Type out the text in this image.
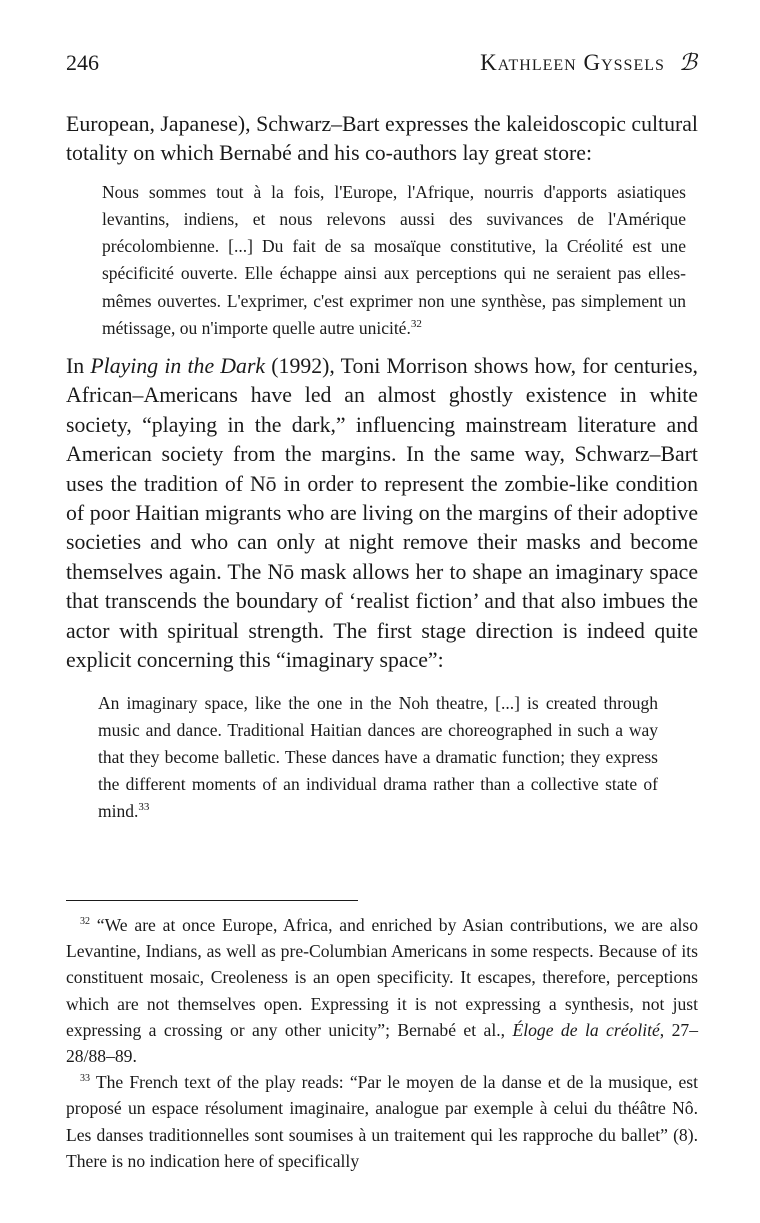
246	Kathleen Gyssels ℬ

European, Japanese), Schwarz–Bart expresses the kaleidoscopic cultural totality on which Bernabé and his co-authors lay great store:

Nous sommes tout à la fois, l'Europe, l'Afrique, nourris d'apports asiatiques levantins, indiens, et nous relevons aussi des suvivances de l'Amérique précolombienne. [...] Du fait de sa mosaïque constitutive, la Créolité est une spécificité ouverte. Elle échappe ainsi aux perceptions qui ne seraient pas elles-mêmes ouvertes. L'exprimer, c'est exprimer non une synthèse, pas simplement un métissage, ou n'importe quelle autre unicité.$^{32}$

In Playing in the Dark (1992), Toni Morrison shows how, for centuries, African–Americans have led an almost ghostly existence in white society, “playing in the dark,” influencing mainstream literature and American society from the margins. In the same way, Schwarz–Bart uses the tradition of Nō in order to represent the zombie-like condition of poor Haitian migrants who are living on the margins of their adoptive societies and who can only at night remove their masks and become themselves again. The Nō mask allows her to shape an imaginary space that transcends the boundary of ‘realist fiction’ and that also imbues the actor with spiritual strength. The first stage direction is indeed quite explicit concerning this “imaginary space”:

An imaginary space, like the one in the Noh theatre, [...] is created through music and dance. Traditional Haitian dances are choreographed in such a way that they become balletic. These dances have a dramatic function; they express the different moments of an individual drama rather than a collective state of mind.$^{33}$

$^{32}$ “We are at once Europe, Africa, and enriched by Asian contributions, we are also Levantine, Indians, as well as pre-Columbian Americans in some respects. Because of its constituent mosaic, Creoleness is an open specificity. It escapes, therefore, perceptions which are not themselves open. Expressing it is not expressing a synthesis, not just expressing a crossing or any other unicity”; Bernabé et al., Éloge de la créolité, 27–28/88–89.

$^{33}$ The French text of the play reads: “Par le moyen de la danse et de la musique, est proposé un espace résolument imaginaire, analogue par exemple à celui du théâtre Nô. Les danses traditionnelles sont soumises à un traitement qui les rapproche du ballet” (8). There is no indication here of specifically
